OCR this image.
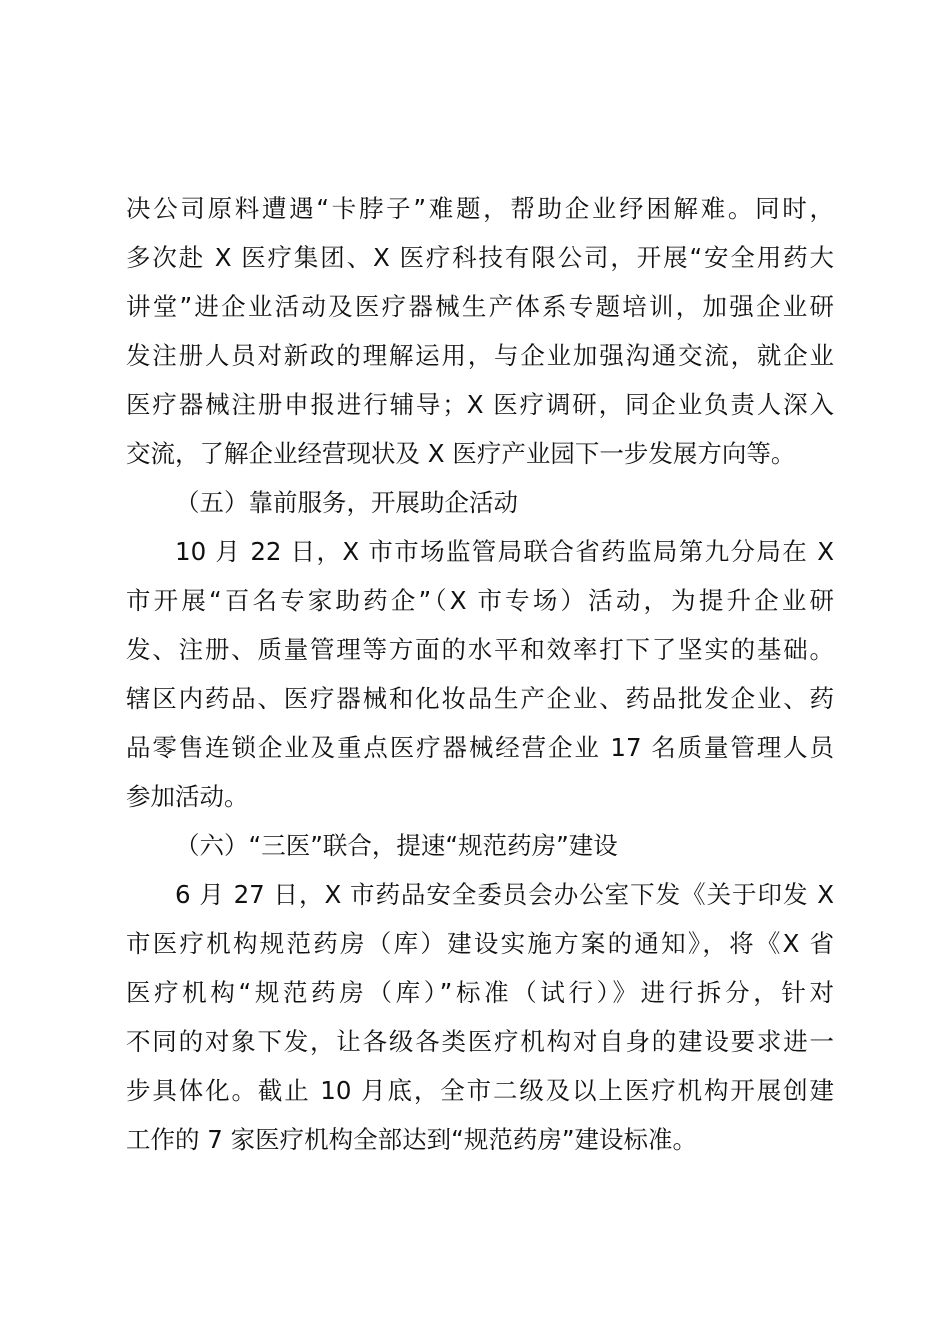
决公司原料遭遇“卡脖子”难题，帮助企业纾困解难。同时，
多次赴 X 医疗集团、X 医疗科技有限公司，开展“安全用药大
讲堂”进企业活动及医疗器械生产体系专题培训，加强企业研
发注册人员对新政的理解运用，与企业加强沟通交流，就企业
医疗器械注册申报进行辅导；X 医疗调研，同企业负责人深入
交流，了解企业经营现状及 X 医疗产业园下一步发展方向等。
（五）靠前服务，开展助企活动
10 月 22 日，X 市市场监管局联合省药监局第九分局在 X
市开展“百名专家助药企”（X 市专场）活动，为提升企业研
发、注册、质量管理等方面的水平和效率打下了坚实的基础。
辖区内药品、医疗器械和化妆品生产企业、药品批发企业、药
品零售连锁企业及重点医疗器械经营企业 17 名质量管理人员
参加活动。
（六）“三医”联合，提速“规范药房”建设
6 月 27 日，X 市药品安全委员会办公室下发《关于印发 X
市医疗机构规范药房（库）建设实施方案的通知》，将《X 省
医疗机构“规范药房（库）”标准（试行）》进行拆分，针对
不同的对象下发，让各级各类医疗机构对自身的建设要求进一
步具体化。截止 10 月底，全市二级及以上医疗机构开展创建
工作的 7 家医疗机构全部达到“规范药房”建设标准。
